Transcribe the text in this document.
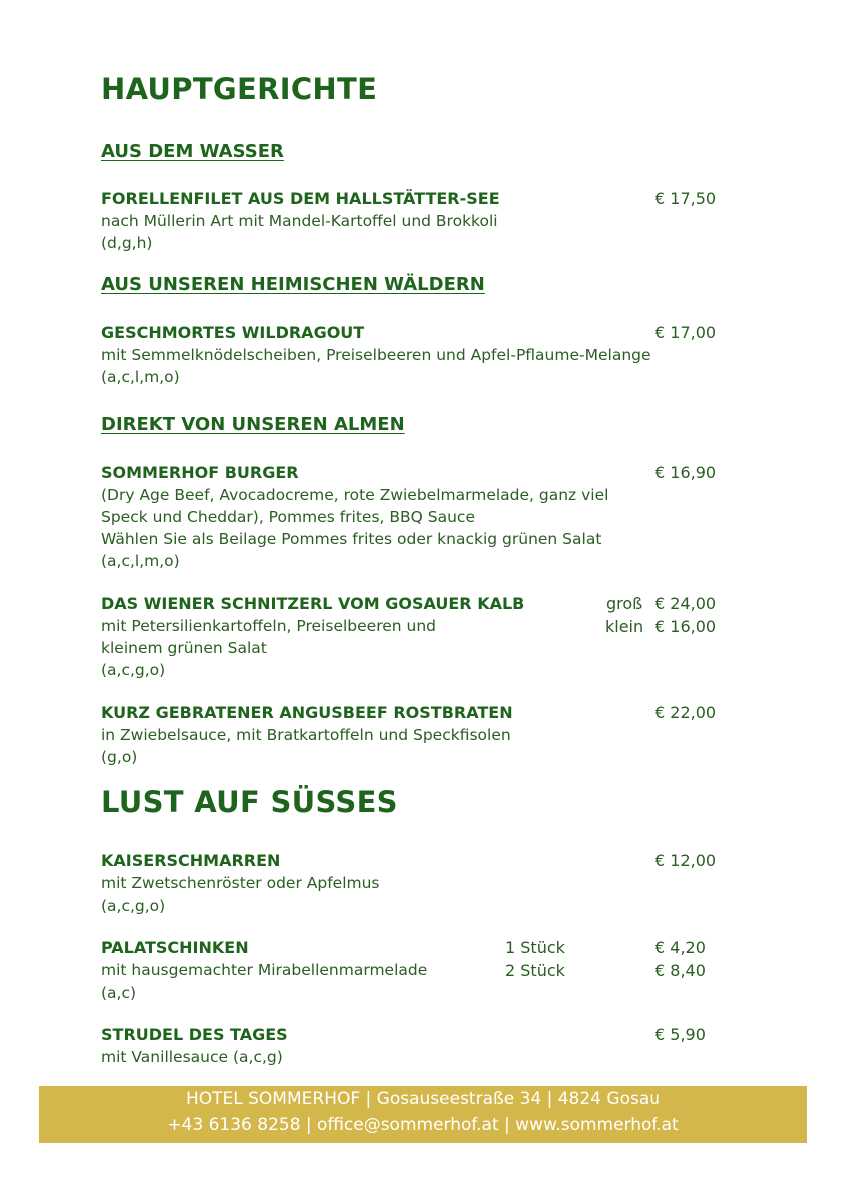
HAUPTGERICHTE
AUS DEM WASSER
FORELLENFILET AUS DEM HALLSTÄTTER-SEE	€ 17,50
nach Müllerin Art mit Mandel-Kartoffel und Brokkoli
(d,g,h)
AUS UNSEREN HEIMISCHEN WÄLDERN
GESCHMORTES WILDRAGOUT	€ 17,00
mit Semmelknödelscheiben, Preiselbeeren und Apfel-Pflaume-Melange
(a,c,l,m,o)
DIREKT VON UNSEREN ALMEN
SOMMERHOF BURGER	€ 16,90
(Dry Age Beef, Avocadocreme, rote Zwiebelmarmelade, ganz viel
Speck und Cheddar), Pommes frites, BBQ Sauce
Wählen Sie als Beilage Pommes frites oder knackig grünen Salat
(a,c,l,m,o)
DAS WIENER SCHNITZERL VOM GOSAUER KALB	groß € 24,00
mit Petersilienkartoffeln, Preiselbeeren und	klein € 16,00
kleinem grünen Salat
(a,c,g,o)
KURZ GEBRATENER ANGUSBEEF ROSTBRATEN	€ 22,00
in Zwiebelsauce, mit Bratkartoffeln und Speckfisolen
(g,o)
LUST AUF SÜSSES
KAISERSCHMARREN	€ 12,00
mit Zwetschenröster oder Apfelmus
(a,c,g,o)
PALATSCHINKEN	1 Stück	€ 4,20
mit hausgemachter Mirabellenmarmelade	2 Stück	€ 8,40
(a,c)
STRUDEL DES TAGES	€ 5,90
mit Vanillesauce (a,c,g)
HOTEL SOMMERHOF | Gosauseestraße 34 | 4824 Gosau
+43 6136 8258 | office@sommerhof.at | www.sommerhof.at
